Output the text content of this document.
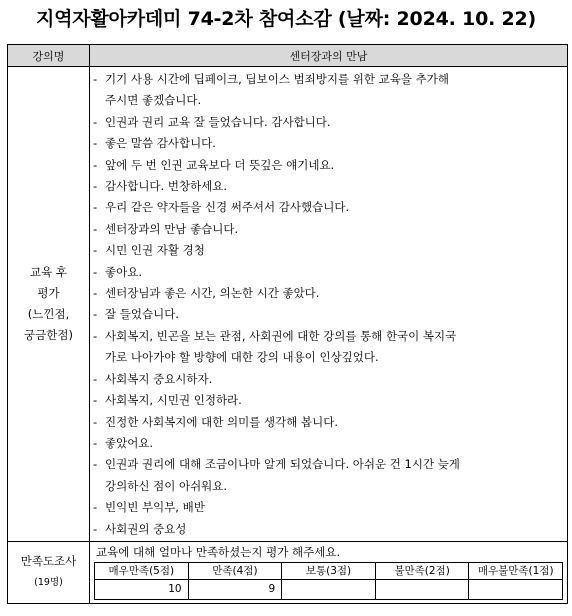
지역자활아카데미 74-2차 참여소감 (날짜: 2024. 10. 22)
강의명	센터장과의 만남

교육 후
평가
(느낀점,
궁금한점)

- 기기 사용 시간에 딥페이크, 딥보이스 범죄방지를 위한 교육을 추가해
주시면 좋겠습니다.
- 인권과 권리 교육 잘 들었습니다. 감사합니다.
- 좋은 말씀 감사합니다.
- 앞에 두 번 인권 교육보다 더 뜻깊은 얘기네요.
- 감사합니다. 번창하세요.
- 우리 같은 약자들을 신경 써주셔서 감사했습니다.
- 센터장과의 만남 좋습니다.
- 시민 인권 자활 경청
- 좋아요.
- 센터장님과 좋은 시간, 의논한 시간 좋았다.
- 잘 들었습니다.
- 사회복지, 빈곤을 보는 관점, 사회권에 대한 강의를 통해 한국이 복지국
가로 나아가야 할 방향에 대한 강의 내용이 인상깊었다.
- 사회복지 중요시하자.
- 사회복지, 시민권 인정하라.
- 진정한 사회복지에 대한 의미를 생각해 봅니다.
- 좋았어요.
- 인권과 권리에 대해 조금이나마 알게 되었습니다. 아쉬운 건 1시간 늦게
강의하신 점이 아쉬워요.
- 빈익빈 부익부, 배반
- 사회권의 중요성

만족도조사
(19명)

교육에 대해 얼마나 만족하셨는지 평가 해주세요.
매우만족(5점)	만족(4점)	보통(3점)	불만족(2점)	매우불만족(1점)
10	9			
